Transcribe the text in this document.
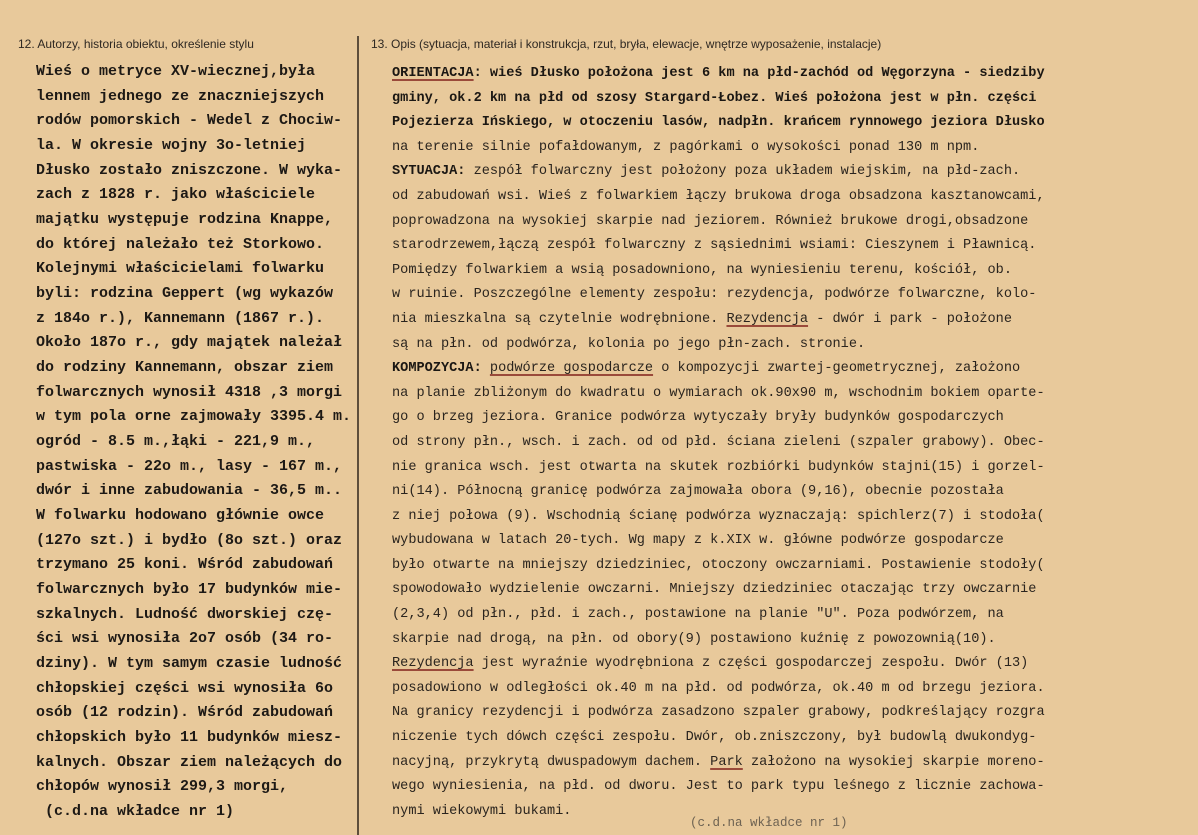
12. Autorzy, historia obiektu, określenie stylu	13. Opis (sytuacja, materiał i konstrukcja, rzut, bryła, elewacje, wnętrze wyposażenie, instalacje)
Wieś o metryce XV-wiecznej,była
lennem jednego ze znaczniejszych
rodów pomorskich - Wedel z Chociw-
la. W okresie wojny 3o-letniej
Dłusko zostało zniszczone. W wyka-
zach z 1828 r. jako właściciele
majątku występuje rodzina Knappe,
do której należało też Storkowo.
Kolejnymi właścicielami folwarku
byli: rodzina Geppert (wg wykazów
z 184o r.), Kannemann (1867 r.).
Około 187o r., gdy majątek należał
do rodziny Kannemann, obszar ziem
folwarcznych wynosił 4318 ,3 morgi
w tym pola orne zajmowały 3395.4 m.
ogród - 8.5 m.,łąki - 221,9 m.,
pastwiska - 22o m., lasy - 167 m.,
dwór i inne zabudowania - 36,5 m..
W folwarku hodowano głównie owce
(127o szt.) i bydło (8o szt.) oraz
trzymano 25 koni. Wśród zabudowań
folwarcznych było 17 budynków mie-
szkalnych. Ludność dworskiej czę-
ści wsi wynosiła 2o7 osób (34 ro-
dziny). W tym samym czasie ludność
chłopskiej części wsi wynosiła 6o
osób (12 rodzin). Wśród zabudowań
chłopskich było 11 budynków miesz-
kalnych. Obszar ziem należących do
chłopów wynosił 299,3 morgi,
(c.d.na wkładce nr 1)
ORIENTACJA: wieś Dłusko położona jest 6 km na płd-zachód od Węgorzyna - siedziby
gminy, ok.2 km na płd od szosy Stargard-Łobez. Wieś położona jest w płn. części
Pojezierza Ińskiego, w otoczeniu lasów, nadpłn. krańcem rynnowego jeziora Dłusko
na terenie silnie pofałdowanym, z pagórkami o wysokości ponad 130 m npm.
SYTUACJA: zespół folwarczny jest położony poza układem wiejskim, na płd-zach.
od zabudowań wsi. Wieś z folwarkiem łączy brukowa droga obsadzona kasztanowcami,
poprowadzona na wysokiej skarpie nad jeziorem. Również brukowe drogi,obsadzone
starodrzewem,łączą zespół folwarczny z sąsiednimi wsiami: Cieszynem i Pławnicą.
Pomiędzy folwarkiem a wsią posadowniono, na wyniesieniu terenu, kościół, ob.
w ruinie. Poszczególne elementy zespołu: rezydencja, podwórze folwarczne, kolo-
nia mieszkalna są czytelnie wodrębnione. Rezydencja - dwór i park - położone
są na płn. od podwórza, kolonia po jego płn-zach. stronie.
KOMPOZYCJA: podwórze gospodarcze o kompozycji zwartej-geometrycznej, założono
na planie zbliżonym do kwadratu o wymiarach ok.90x90 m, wschodnim bokiem oparte-
go o brzeg jeziora. Granice podwórza wytyczały bryły budynków gospodarczych
od strony płn., wsch. i zach. od od płd. ściana zieleni (szpaler grabowy). Obec-
nie granica wsch. jest otwarta na skutek rozbiórki budynków stajni(15) i gorzel-
ni(14). Północną granicę podwórza zajmowała obora (9,16), obecnie pozostała
z niej połowa (9). Wschodnią ścianę podwórza wyznaczają: spichlerz(7) i stodoła(
wybudowana w latach 20-tych. Wg mapy z k.XIX w. główne podwórze gospodarcze
było otwarte na mniejszy dziedziniec, otoczony owczarniami. Postawienie stodoły(
spowodowało wydzielenie owczarni. Mniejszy dziedziniec otaczając trzy owczarnie
(2,3,4) od płn., płd. i zach., postawione na planie "U". Poza podwórzem, na
skarpie nad drogą, na płn. od obory(9) postawiono kuźnię z powozownią(10).
Rezydencja jest wyraźnie wyodrębniona z części gospodarczej zespołu. Dwór (13)
posadowiono w odległości ok.40 m na płd. od podwórza, ok.40 m od brzegu jeziora.
Na granicy rezydencji i podwórza zasadzono szpaler grabowy, podkreślający rozgra
niczenie tych dówch części zespołu. Dwór, ob.zniszczony, był budowlą dwukondyg-
nacyjną, przykrytą dwuspadowym dachem. Park założono na wysokiej skarpie moreno-
wego wyniesienia, na płd. od dworu. Jest to park typu leśnego z licznie zachowa-
nymi wiekowymi bukami.
(c.d.na wkładce nr 1)
